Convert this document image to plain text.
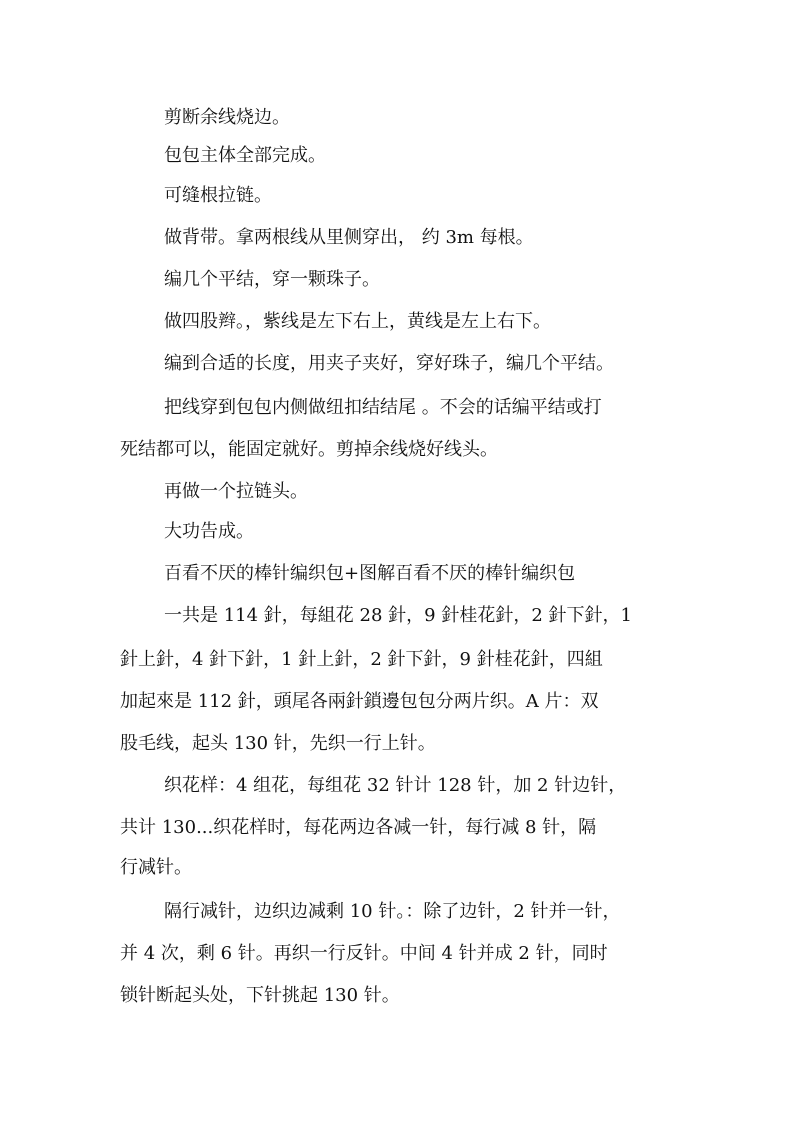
剪断余线烧边。
包包主体全部完成。
可缝根拉链。
做背带。拿两根线从里侧穿出， 约 3m 每根。
编几个平结，穿一颗珠子。
做四股辫。，紫线是左下右上，黄线是左上右下。
编到合适的长度，用夹子夹好，穿好珠子，编几个平结。
把线穿到包包内侧做纽扣结结尾 。不会的话编平结或打
死结都可以，能固定就好。剪掉余线烧好线头。
再做一个拉链头。
大功告成。
百看不厌的棒针编织包+图解百看不厌的棒针编织包
一共是 114 針，每組花 28 針，9 針桂花針，2 針下針，1
針上針，4 針下針，1 針上針，2 針下針，9 針桂花針，四組
加起來是 112 針，頭尾各兩針鎖邊包包分两片织。A 片：双
股毛线，起头 130 针，先织一行上针。
织花样：4 组花，每组花 32 针计 128 针，加 2 针边针，
共计 130...织花样时，每花两边各减一针，每行减 8 针，隔
行减针。
隔行减针，边织边减剩 10 针。：除了边针，2 针并一针，
并 4 次，剩 6 针。再织一行反针。中间 4 针并成 2 针，同时
锁针断起头处，下针挑起 130 针。
